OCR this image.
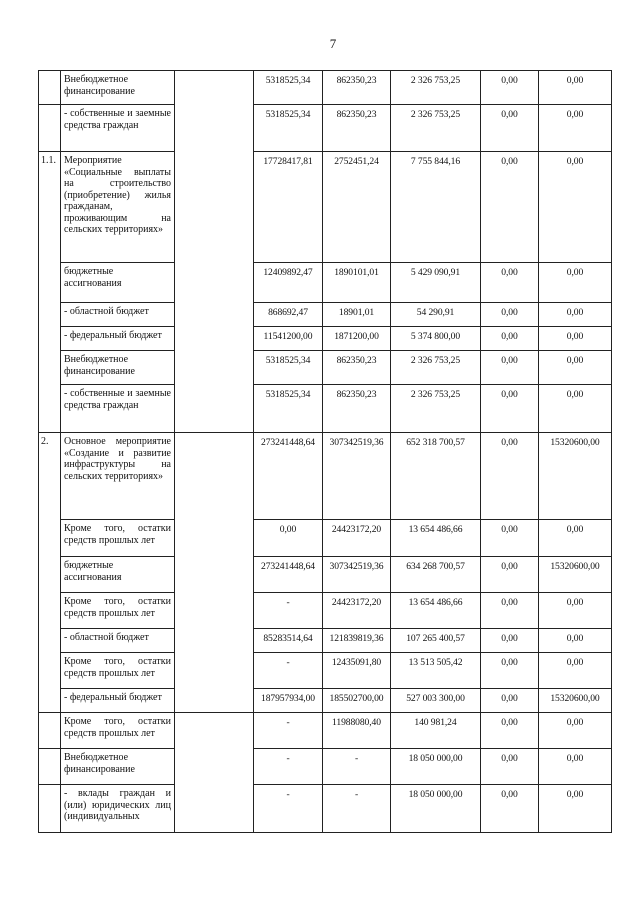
7
	Внебюджетное финансирование		5318525,34	862350,23	2 326 753,25	0,00	0,00
	- собственные и заемные средства граждан		5318525,34	862350,23	2 326 753,25	0,00	0,00
1.1.	Мероприятие «Социальные выплаты на строительство (приобретение) жилья гражданам, проживающим на сельских территориях»		17728417,81	2752451,24	7 755 844,16	0,00	0,00
	бюджетные ассигнования		12409892,47	1890101,01	5 429 090,91	0,00	0,00
	- областной бюджет		868692,47	18901,01	54 290,91	0,00	0,00
	- федеральный бюджет		11541200,00	1871200,00	5 374 800,00	0,00	0,00
	Внебюджетное финансирование		5318525,34	862350,23	2 326 753,25	0,00	0,00
	- собственные и заемные средства граждан		5318525,34	862350,23	2 326 753,25	0,00	0,00
2.	Основное мероприятие «Создание и развитие инфраструктуры на сельских территориях»		273241448,64	307342519,36	652 318 700,57	0,00	15320600,00
	Кроме того, остатки средств прошлых лет		0,00	24423172,20	13 654 486,66	0,00	0,00
	бюджетные ассигнования		273241448,64	307342519,36	634 268 700,57	0,00	15320600,00
	Кроме того, остатки средств прошлых лет		-	24423172,20	13 654 486,66	0,00	0,00
	- областной бюджет		85283514,64	121839819,36	107 265 400,57	0,00	0,00
	Кроме того, остатки средств прошлых лет		-	12435091,80	13 513 505,42	0,00	0,00
	- федеральный бюджет		187957934,00	185502700,00	527 003 300,00	0,00	15320600,00
	Кроме того, остатки средств прошлых лет		-	11988080,40	140 981,24	0,00	0,00
	Внебюджетное финансирование		-	-	18 050 000,00	0,00	0,00
	- вклады граждан и (или) юридических лиц (индивидуальных		-	-	18 050 000,00	0,00	0,00
